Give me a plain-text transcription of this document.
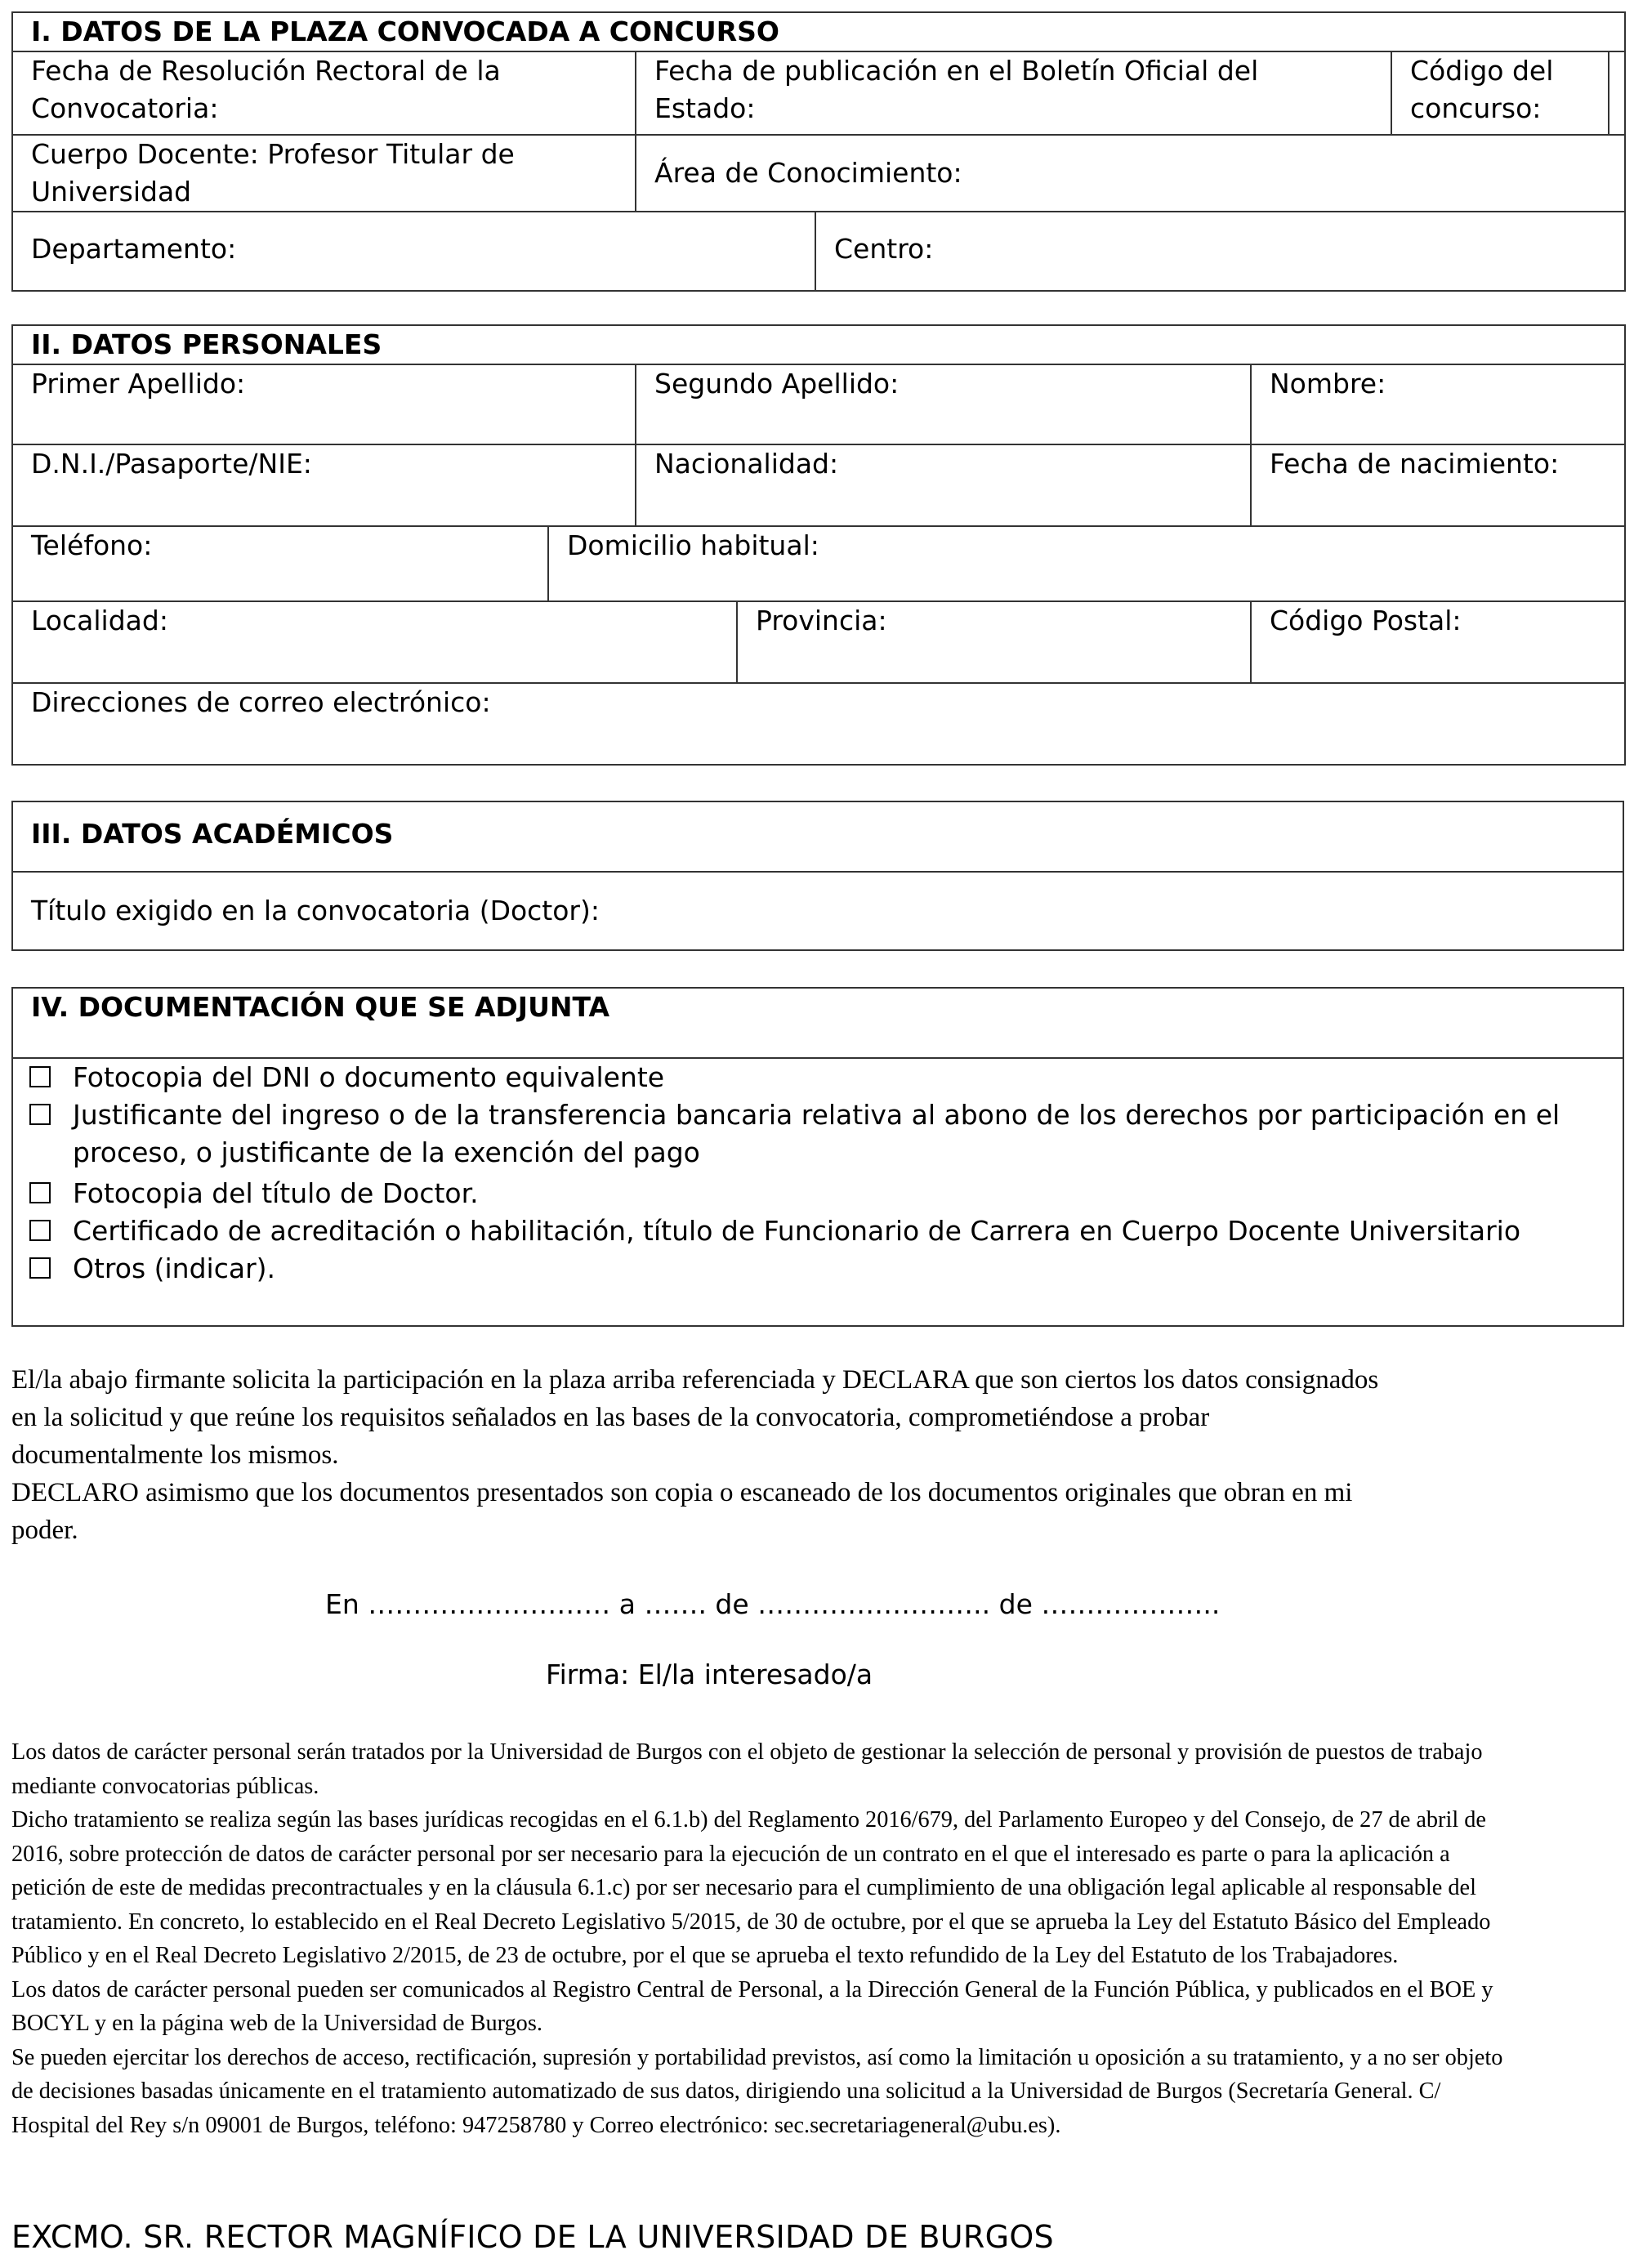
I. DATOS DE LA PLAZA CONVOCADA A CONCURSO			
Fecha de Resolución Rectoral de la Convocatoria:	Fecha de publicación en el Boletín Oficial del Estado:		Código del concurso:

Cuerpo Docente: Profesor Titular de Universidad	Área de Conocimiento:		
Departamento:		Centro:	
II. DATOS PERSONALES				
Primer Apellido:		Segundo Apellido:		Nombre:
D.N.I./Pasaporte/NIE:		Nacionalidad:		Fecha de nacimiento:
Teléfono:	Domicilio habitual:			
Localidad:			Provincia:	Código Postal:
Direcciones de correo electrónico:				
III. DATOS ACADÉMICOS
Título exigido en la convocatoria (Doctor):
IV. DOCUMENTACIÓN QUE SE ADJUNTA

Fotocopia del DNI o documento equivalente
Justificante del ingreso o de la transferencia bancaria relativa al abono de los derechos por participación en el proceso, o justificante de la exención del pago
Fotocopia del título de Doctor.
Certificado de acreditación o habilitación, título de Funcionario de Carrera en Cuerpo Docente Universitario
Otros (indicar).

El/la abajo firmante solicita la participación en la plaza arriba referenciada y DECLARA que son ciertos los datos consignados en la solicitud y que reúne los requisitos señalados en las bases de la convocatoria, comprometiéndose a probar documentalmente los mismos.

DECLARO asimismo que los documentos presentados son copia o escaneado de los documentos originales que obran en mi poder.

En ……………………… a ……. de …………………….. de ………………..
Firma: El/la interesado/a

Los datos de carácter personal serán tratados por la Universidad de Burgos con el objeto de gestionar la selección de personal y provisión de puestos de trabajo mediante convocatorias públicas.

Dicho tratamiento se realiza según las bases jurídicas recogidas en el 6.1.b) del Reglamento 2016/679, del Parlamento Europeo y del Consejo, de 27 de abril de 2016, sobre protección de datos de carácter personal por ser necesario para la ejecución de un contrato en el que el interesado es parte o para la aplicación a petición de este de medidas precontractuales y en la cláusula 6.1.c) por ser necesario para el cumplimiento de una obligación legal aplicable al responsable del tratamiento. En concreto, lo establecido en el Real Decreto Legislativo 5/2015, de 30 de octubre, por el que se aprueba la Ley del Estatuto Básico del Empleado Público y en el Real Decreto Legislativo 2/2015, de 23 de octubre, por el que se aprueba el texto refundido de la Ley del Estatuto de los Trabajadores.

Los datos de carácter personal pueden ser comunicados al Registro Central de Personal, a la Dirección General de la Función Pública, y publicados en el BOE y BOCYL y en la página web de la Universidad de Burgos.

Se pueden ejercitar los derechos de acceso, rectificación, supresión y portabilidad previstos, así como la limitación u oposición a su tratamiento, y a no ser objeto de decisiones basadas únicamente en el tratamiento automatizado de sus datos, dirigiendo una solicitud a la Universidad de Burgos (Secretaría General. C/ Hospital del Rey s/n 09001 de Burgos, teléfono: 947258780 y Correo electrónico: sec.secretariageneral@ubu.es).

EXCMO. SR. RECTOR MAGNÍFICO DE LA UNIVERSIDAD DE BURGOS
